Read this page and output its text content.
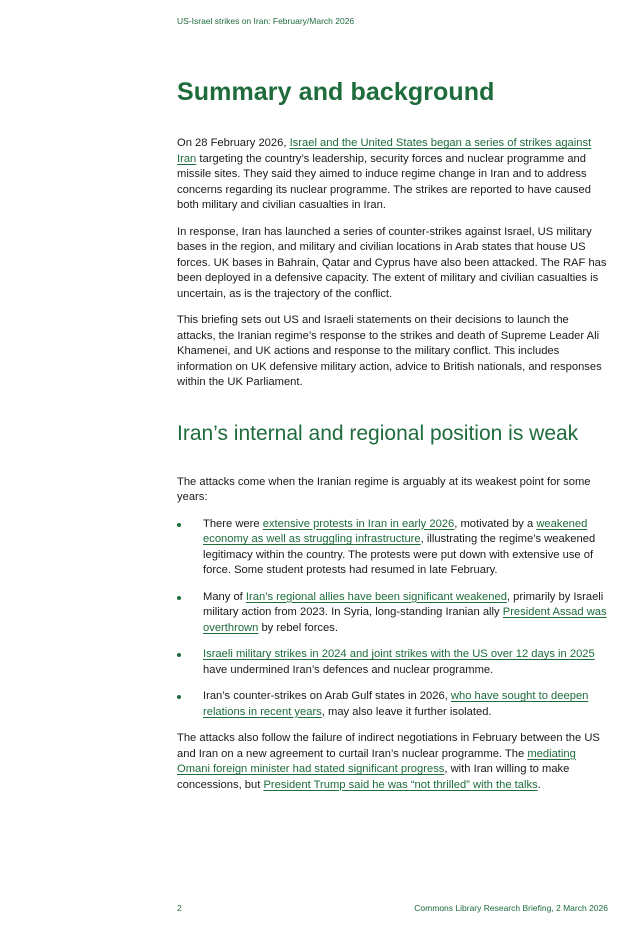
US-Israel strikes on Iran: February/March 2026
Summary and background

On 28 February 2026, Israel and the United States began a series of strikes against Iran targeting the country’s leadership, security forces and nuclear programme and missile sites. They said they aimed to induce regime change in Iran and to address concerns regarding its nuclear programme. The strikes are reported to have caused both military and civilian casualties in Iran.

In response, Iran has launched a series of counter-strikes against Israel, US military bases in the region, and military and civilian locations in Arab states that house US forces. UK bases in Bahrain, Qatar and Cyprus have also been attacked. The RAF has been deployed in a defensive capacity. The extent of military and civilian casualties is uncertain, as is the trajectory of the conflict.

This briefing sets out US and Israeli statements on their decisions to launch the attacks, the Iranian regime’s response to the strikes and death of Supreme Leader Ali Khamenei, and UK actions and response to the military conflict. This includes information on UK defensive military action, advice to British nationals, and responses within the UK Parliament.

Iran’s internal and regional position is weak

The attacks come when the Iranian regime is arguably at its weakest point for some years:

There were extensive protests in Iran in early 2026, motivated by a weakened economy as well as struggling infrastructure, illustrating the regime’s weakened legitimacy within the country. The protests were put down with extensive use of force. Some student protests had resumed in late February.
Many of Iran’s regional allies have been significant weakened, primarily by Israeli military action from 2023. In Syria, long-standing Iranian ally President Assad was overthrown by rebel forces.
Israeli military strikes in 2024 and joint strikes with the US over 12 days in 2025 have undermined Iran’s defences and nuclear programme.
Iran’s counter-strikes on Arab Gulf states in 2026, who have sought to deepen relations in recent years, may also leave it further isolated.

The attacks also follow the failure of indirect negotiations in February between the US and Iran on a new agreement to curtail Iran’s nuclear programme. The mediating Omani foreign minister had stated significant progress, with Iran willing to make concessions, but President Trump said he was “not thrilled” with the talks.

2	Commons Library Research Briefing, 2 March 2026
